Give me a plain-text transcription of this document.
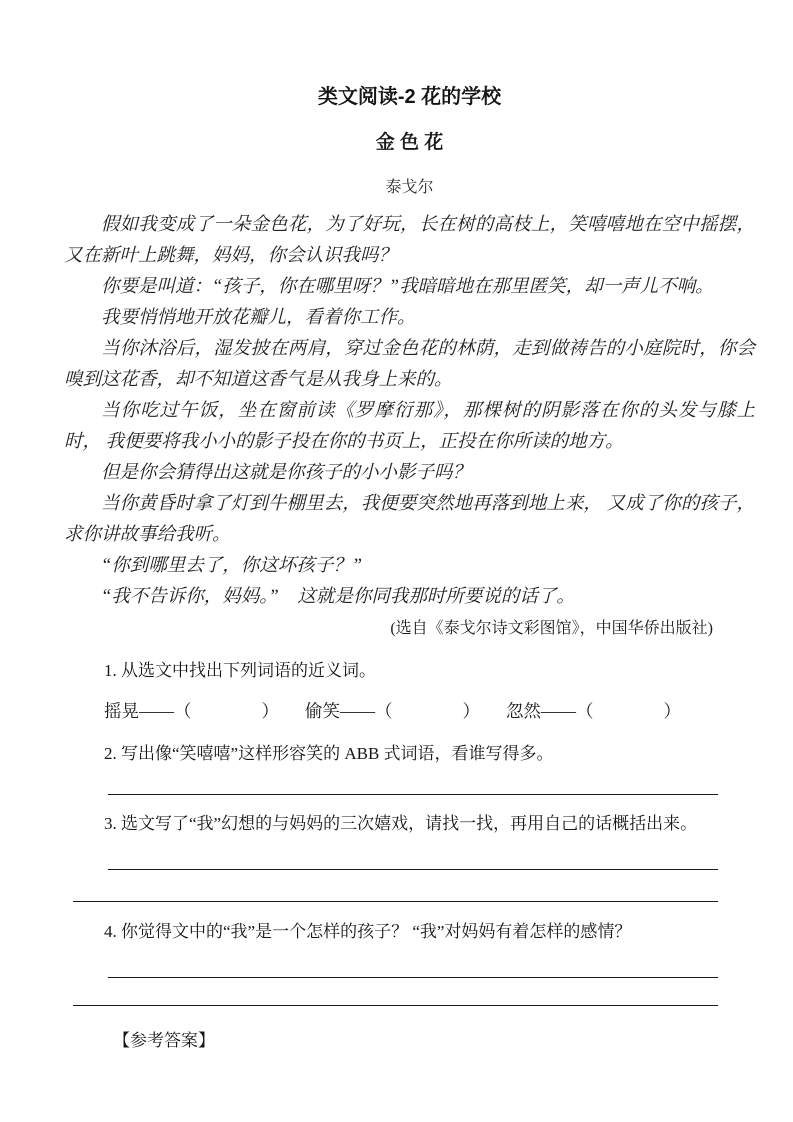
类文阅读-2 花的学校
金 色 花
泰戈尔

假如我变成了一朵金色花，为了好玩，长在树的高枝上，笑嘻嘻地在空中摇摆，又在新叶上跳舞，妈妈，你会认识我吗？

你要是叫道：“孩子，你在哪里呀？”我暗暗地在那里匿笑，却一声儿不响。

我要悄悄地开放花瓣儿，看着你工作。

当你沐浴后，湿发披在两肩，穿过金色花的林荫，走到做祷告的小庭院时，你会嗅到这花香，却不知道这香气是从我身上来的。

当你吃过午饭，坐在窗前读《罗摩衍那》，那棵树的阴影落在你的头发与膝上时， 我便要将我小小的影子投在你的书页上，正投在你所读的地方。

但是你会猜得出这就是你孩子的小小影子吗？

当你黄昏时拿了灯到牛棚里去，我便要突然地再落到地上来， 又成了你的孩子，求你讲故事给我听。

“你到哪里去了，你这坏孩子？”

“我不告诉你，妈妈。”　这就是你同我那时所要说的话了。

(选自《泰戈尔诗文彩图馆》，中国华侨出版社)

1. 从选文中找出下列词语的近义词。

摇晃——（　　　　） 偷笑——（　　　　） 忽然——（　　　　）

2. 写出像“笑嘻嘻”这样形容笑的 ABB 式词语，看谁写得多。

3. 选文写了“我”幻想的与妈妈的三次嬉戏，请找一找，再用自己的话概括出来。

4. 你觉得文中的“我”是一个怎样的孩子？ “我”对妈妈有着怎样的感情？

【参考答案】
